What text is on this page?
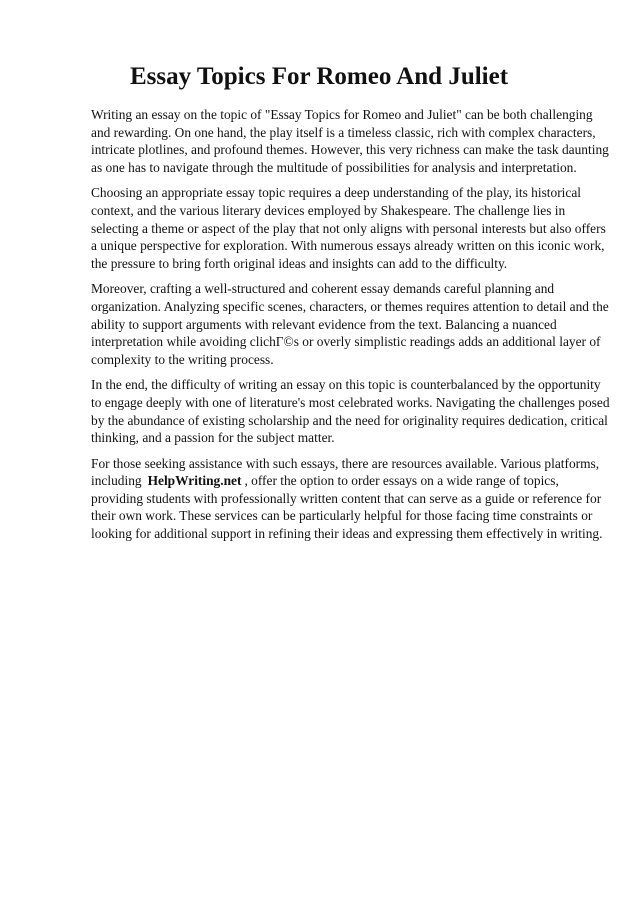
Essay Topics For Romeo And Juliet

Writing an essay on the topic of "Essay Topics for Romeo and Juliet" can be both challenging
and rewarding. On one hand, the play itself is a timeless classic, rich with complex characters,
intricate plotlines, and profound themes. However, this very richness can make the task daunting
as one has to navigate through the multitude of possibilities for analysis and interpretation.

Choosing an appropriate essay topic requires a deep understanding of the play, its historical
context, and the various literary devices employed by Shakespeare. The challenge lies in
selecting a theme or aspect of the play that not only aligns with personal interests but also offers
a unique perspective for exploration. With numerous essays already written on this iconic work,
the pressure to bring forth original ideas and insights can add to the difficulty.

Moreover, crafting a well-structured and coherent essay demands careful planning and
organization. Analyzing specific scenes, characters, or themes requires attention to detail and the
ability to support arguments with relevant evidence from the text. Balancing a nuanced
interpretation while avoiding clichГ©s or overly simplistic readings adds an additional layer of
complexity to the writing process.

In the end, the difficulty of writing an essay on this topic is counterbalanced by the opportunity
to engage deeply with one of literature's most celebrated works. Navigating the challenges posed
by the abundance of existing scholarship and the need for originality requires dedication, critical
thinking, and a passion for the subject matter.

For those seeking assistance with such essays, there are resources available. Various platforms,
including HelpWriting.net , offer the option to order essays on a wide range of topics,
providing students with professionally written content that can serve as a guide or reference for
their own work. These services can be particularly helpful for those facing time constraints or
looking for additional support in refining their ideas and expressing them effectively in writing.
